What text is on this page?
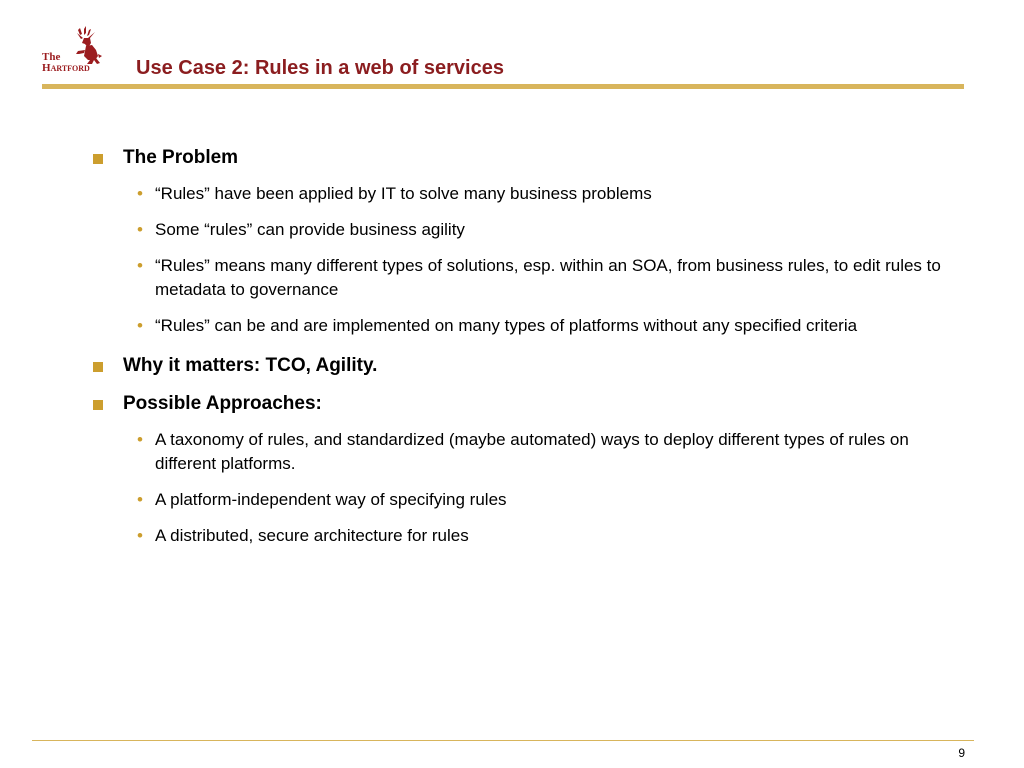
The
HARTFORD	Use Case 2: Rules in a web of services
The Problem
• “Rules” have been applied by IT to solve many business problems
• Some “rules” can provide business agility
• “Rules” means many different types of solutions, esp. within an SOA, from business rules, to edit rules to metadata to governance
• “Rules” can be and are implemented on many types of platforms without any specified criteria
Why it matters: TCO, Agility.
Possible Approaches:
• A taxonomy of rules, and standardized (maybe automated) ways to deploy different types of rules on different platforms.
• A platform-independent way of specifying rules
• A distributed, secure architecture for rules
9
